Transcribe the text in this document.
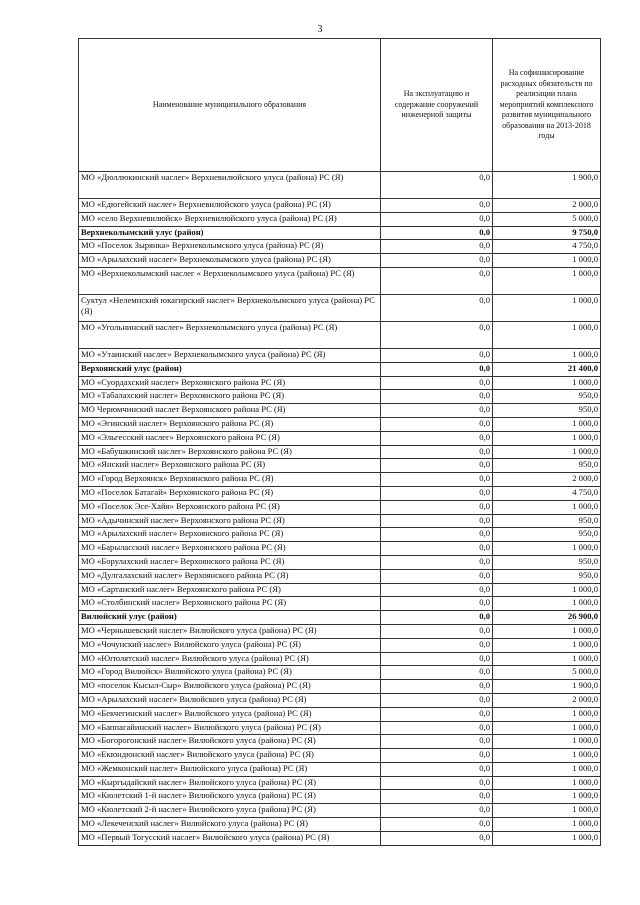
3
Наименование муниципального образования	На эксплуатацию и содержание сооружений инженерной защиты	На софинансирование расходных обязательств по реализации плана мероприятий комплексного развития муниципального образования на 2013-2018 годы
МО «Дюллюкинский наслег» Верхневилюйского улуса (района) РС (Я)	0,0	1 900,0
МО «Едюгейский наслег» Верхневилюйского улуса (района) РС (Я)	0,0	2 000,0
МО «село Верхневилюйск» Верхневилюйского улуса (района) РС (Я)	0,0	5 000,0
Верхнеколымский улус (район)	0,0	9 750,0
МО «Поселок Зырянка» Верхнеколымского улуса (района) РС (Я)	0,0	4 750,0
МО «Арылахский наслег» Верхнеколымского улуса (района) РС (Я)	0,0	1 000,0
МО «Верхнеколымский наслег « Верхнеколымского улуса (района) РС (Я)	0,0	1 000,0
Суктул «Нелемнский юкагирский наслег» Верхнеколымского улуса (района) РС (Я)	0,0	1 000,0
МО «Угольнинский наслег» Верхнеколымского улуса (района) РС (Я)	0,0	1 000,0
МО «Утаинский наслег» Верхнеколымского улуса (района) РС (Я)	0,0	1 000,0
Верхоянский улус (район)	0,0	21 400,0
МО «Суордахский наслег» Верхоянского района РС (Я)	0,0	1 000,0
МО «Табалахский наслег» Верхоянского района РС (Я)	0,0	950,0
МО Черюмчинский наслет Верхоянского района РС (Я)	0,0	950,0
МО «Эгинский наслег» Верхоянского района РС (Я)	0,0	1 000,0
МО «Эльгесский наслег» Верхоянского района РС (Я)	0,0	1 000,0
МО «Бабушкинский наслег» Верхоянского района РС (Я)	0,0	1 000,0
МО «Янский наслег» Верхоянского района РС (Я)	0,0	950,0
МО «Город Верхоянск» Верхоянского района РС (Я)	0,0	2 000,0
МО «Поселок Батагай» Верхоянского района РС (Я)	0,0	4 750,0
МО «Поселок Эсе-Хайя» Верхоянского района РС (Я)	0,0	1 000,0
МО «Адычинский наслег» Верхоянского района РС (Я)	0,0	950,0
МО «Арылахский наслег» Верхоянского района РС (Я)	0,0	950,0
МО «Барыласский наслег» Верхоянского района РС (Я)	0,0	1 000,0
МО «Борулахский наслег» Верхоянского района РС (Я)	0,0	950,0
МО «Дулгалахский наслег» Верхоянского района РС (Я)	0,0	950,0
МО «Сартанский наслег» Верхоянского района РС (Я)	0,0	1 000,0
МО «Столбинский наслег» Верхоянского района РС (Я)	0,0	1 000,0
Вилюйский улус (район)	0,0	26 900,0
МО «Чернышевский наслег» Вилюйского улуса (района) РС (Я)	0,0	1 000,0
МО «Чочунский наслег» Вилюйского улуса (района) РС (Я)	0,0	1 000,0
МО «Югюлятский наслег» Вилюйского улуса (района) РС (Я)	0,0	1 000,0
МО «Город Вилюйск» Вилюйского улуса (района) РС (Я)	0,0	5 000,0
МО «поселок Кысыл-Сыр» Вилюйского улуса (района) РС (Я)	0,0	1 900,0
МО «Арылахский наслег» Вилюйского улуса (района) РС (Я)	0,0	2 000,0
МО «Бекчегинский наслег» Вилюйского улуса (района) РС (Я)	0,0	1 000,0
МО «Баппагайинский наслег» Вилюйского улуса (района) РС (Я)	0,0	1 000,0
МО «Богорогонский наслег» Вилюйского улуса (района) РС (Я)	0,0	1 000,0
МО «Екюндюнский наслег» Вилюйского улуса (района) РС (Я)	0,0	1 000,0
МО «Жемконский наслег» Вилюйского улуса (района) РС (Я)	0,0	1 000,0
МО «Кыргыдайский наслег» Вилюйского улуса (района) РС (Я)	0,0	1 000,0
МО «Кюлетский 1-й наслег» Вилюйского улуса (района) РС (Я)	0,0	1 000,0
МО «Кюлетский 2-й наслег» Вилюйского улуса (района) РС (Я)	0,0	1 000,0
МО «Лекеченский наслег» Вилюйского улуса (района) РС (Я)	0,0	1 000,0
МО «Первый Тогусский наслег» Вилюйского улуса (района) РС (Я)	0,0	1 000,0
